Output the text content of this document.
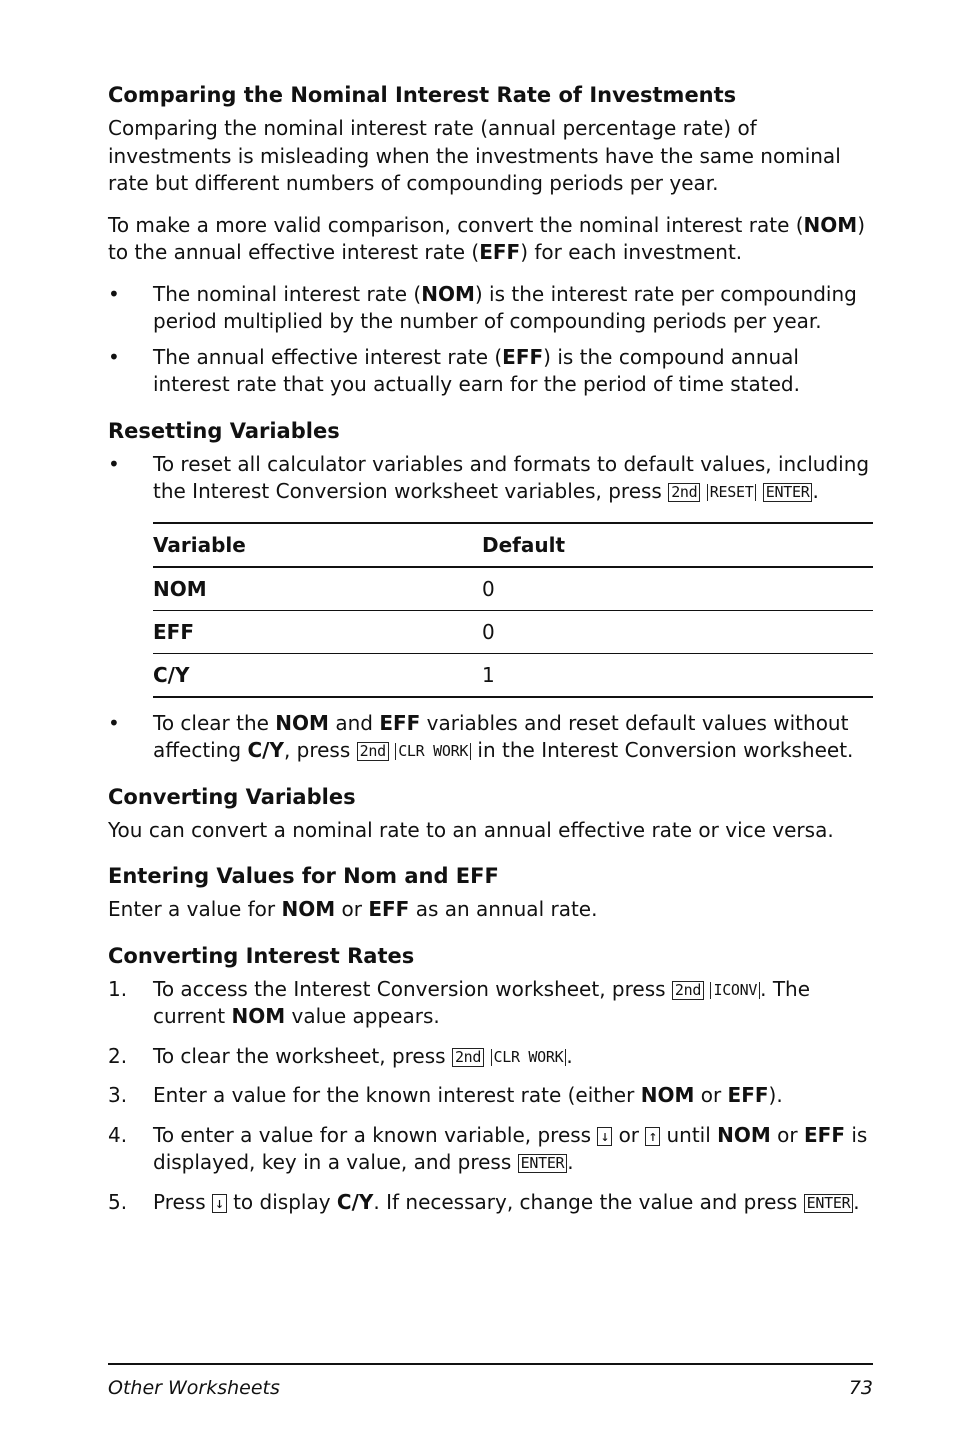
Comparing the Nominal Interest Rate of Investments

Comparing the nominal interest rate (annual percentage rate) of investments is misleading when the investments have the same nominal rate but different numbers of compounding periods per year.

To make a more valid comparison, convert the nominal interest rate (NOM) to the annual effective interest rate (EFF) for each investment.

•	The nominal interest rate (NOM) is the interest rate per compounding period multiplied by the number of compounding periods per year.
•	The annual effective interest rate (EFF) is the compound annual interest rate that you actually earn for the period of time stated.
Resetting Variables
•	To reset all calculator variables and formats to default values, including the Interest Conversion worksheet variables, press 2nd RESET ENTER .
Variable	Default
NOM	0
EFF	0
C/Y	1
•	To clear the NOM and EFF variables and reset default values without affecting C/Y, press 2nd CLR WORK in the Interest Conversion worksheet.
Converting Variables

You can convert a nominal rate to an annual effective rate or vice versa.

Entering Values for Nom and EFF

Enter a value for NOM or EFF as an annual rate.

Converting Interest Rates
1. To access the Interest Conversion worksheet, press 2nd ICONV . The current NOM value appears.
2. To clear the worksheet, press 2nd CLR WORK .
3. Enter a value for the known interest rate (either NOM or EFF).
4. To enter a value for a known variable, press ↓ or ↑ until NOM or EFF is displayed, key in a value, and press ENTER .
5. Press ↓ to display C/Y. If necessary, change the value and press ENTER .
Other Worksheets	73
